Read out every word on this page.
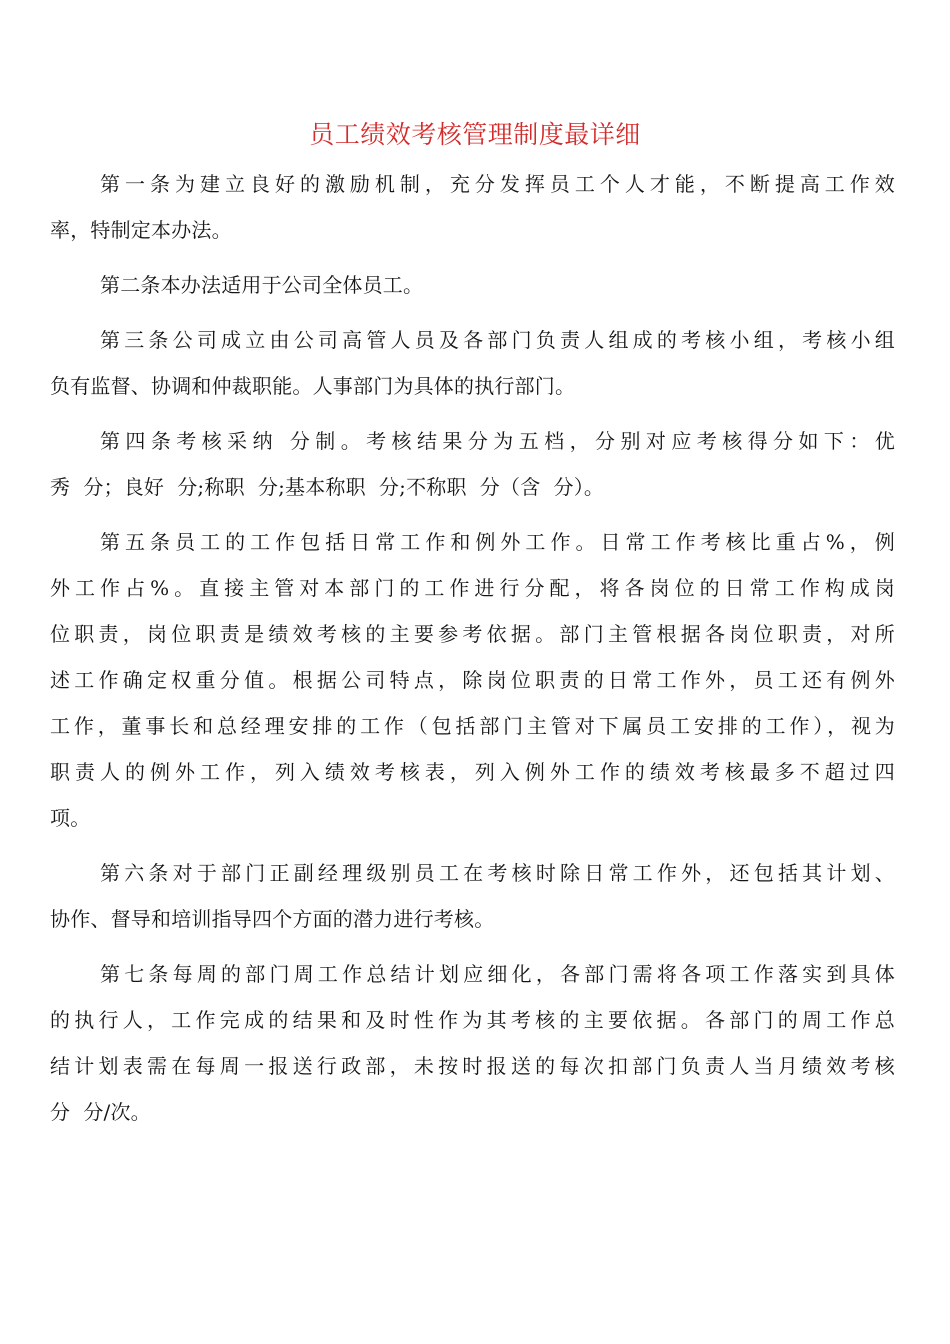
员工绩效考核管理制度最详细
第一条为建立良好的激励机制，充分发挥员工个人才能，不断提高工作效
率，特制定本办法。
第二条本办法适用于公司全体员工。
第三条公司成立由公司高管人员及各部门负责人组成的考核小组，考核小组
负有监督、协调和仲裁职能。人事部门为具体的执行部门。
第四条考核采纳 分制。考核结果分为五档，分别对应考核得分如下：优
秀  分；良好  分;称职  分;基本称职  分;不称职  分（含  分）。
第五条员工的工作包括日常工作和例外工作。日常工作考核比重占%，例
外工作占%。直接主管对本部门的工作进行分配，将各岗位的日常工作构成岗
位职责，岗位职责是绩效考核的主要参考依据。部门主管根据各岗位职责，对所
述工作确定权重分值。根据公司特点，除岗位职责的日常工作外，员工还有例外
工作，董事长和总经理安排的工作（包括部门主管对下属员工安排的工作），视为
职责人的例外工作，列入绩效考核表，列入例外工作的绩效考核最多不超过四
项。
第六条对于部门正副经理级别员工在考核时除日常工作外，还包括其计划、
协作、督导和培训指导四个方面的潜力进行考核。
第七条每周的部门周工作总结计划应细化，各部门需将各项工作落实到具体
的执行人，工作完成的结果和及时性作为其考核的主要依据。各部门的周工作总
结计划表需在每周一报送行政部，未按时报送的每次扣部门负责人当月绩效考核
分  分/次。
